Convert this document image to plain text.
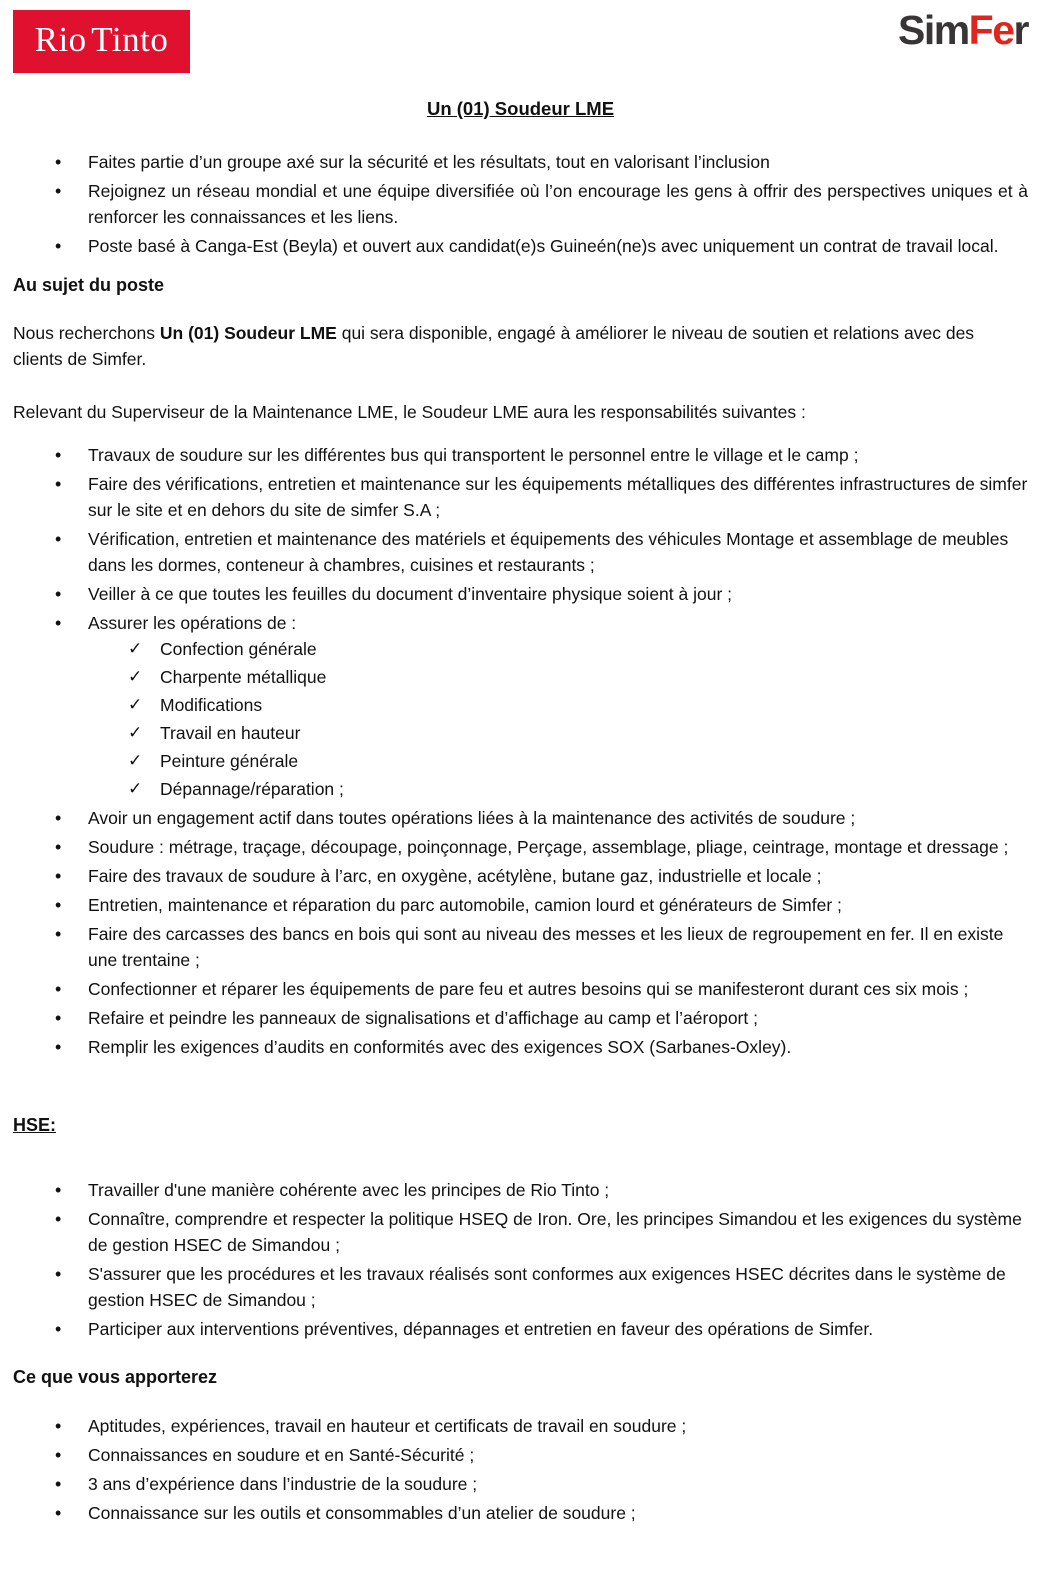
Rio Tinto	SimFer
Un (01) Soudeur LME
• Faites partie d’un groupe axé sur la sécurité et les résultats, tout en valorisant l’inclusion
• Rejoignez un réseau mondial et une équipe diversifiée où l’on encourage les gens à offrir des perspectives uniques et à renforcer les connaissances et les liens.
• Poste basé à Canga-Est (Beyla) et ouvert aux candidat(e)s Guineén(ne)s avec uniquement un contrat de travail local.
Au sujet du poste

Nous recherchons Un (01) Soudeur LME qui sera disponible, engagé à améliorer le niveau de soutien et relations avec des clients de Simfer.

Relevant du Superviseur de la Maintenance LME, le Soudeur LME aura les responsabilités suivantes :

• Travaux de soudure sur les différentes bus qui transportent le personnel entre le village et le camp ;
• Faire des vérifications, entretien et maintenance sur les équipements métalliques des différentes infrastructures de simfer sur le site et en dehors du site de simfer S.A ;
• Vérification, entretien et maintenance des matériels et équipements des véhicules Montage et assemblage de meubles dans les dormes, conteneur à chambres, cuisines et restaurants ;
• Veiller à ce que toutes les feuilles du document d’inventaire physique soient à jour ;
• Assurer les opérations de :
✓ Confection générale
✓ Charpente métallique
✓ Modifications
✓ Travail en hauteur
✓ Peinture générale
✓ Dépannage/réparation ;
• Avoir un engagement actif dans toutes opérations liées à la maintenance des activités de soudure ;
• Soudure : métrage, traçage, découpage, poinçonnage, Perçage, assemblage, pliage, ceintrage, montage et dressage ;
• Faire des travaux de soudure à l’arc, en oxygène, acétylène, butane gaz, industrielle et locale ;
• Entretien, maintenance et réparation du parc automobile, camion lourd et générateurs de Simfer ;
• Faire des carcasses des bancs en bois qui sont au niveau des messes et les lieux de regroupement en fer. Il en existe une trentaine ;
• Confectionner et réparer les équipements de pare feu et autres besoins qui se manifesteront durant ces six mois ;
• Refaire et peindre les panneaux de signalisations et d’affichage au camp et l’aéroport ;
• Remplir les exigences d’audits en conformités avec des exigences SOX (Sarbanes-Oxley).
HSE:
• Travailler d'une manière cohérente avec les principes de Rio Tinto ;
• Connaître, comprendre et respecter la politique HSEQ de Iron. Ore, les principes Simandou et les exigences du système de gestion HSEC de Simandou ;
• S'assurer que les procédures et les travaux réalisés sont conformes aux exigences HSEC décrites dans le système de gestion HSEC de Simandou ;
• Participer aux interventions préventives, dépannages et entretien en faveur des opérations de Simfer.
Ce que vous apporterez
• Aptitudes, expériences, travail en hauteur et certificats de travail en soudure ;
• Connaissances en soudure et en Santé-Sécurité ;
• 3 ans d’expérience dans l’industrie de la soudure ;
• Connaissance sur les outils et consommables d’un atelier de soudure ;
